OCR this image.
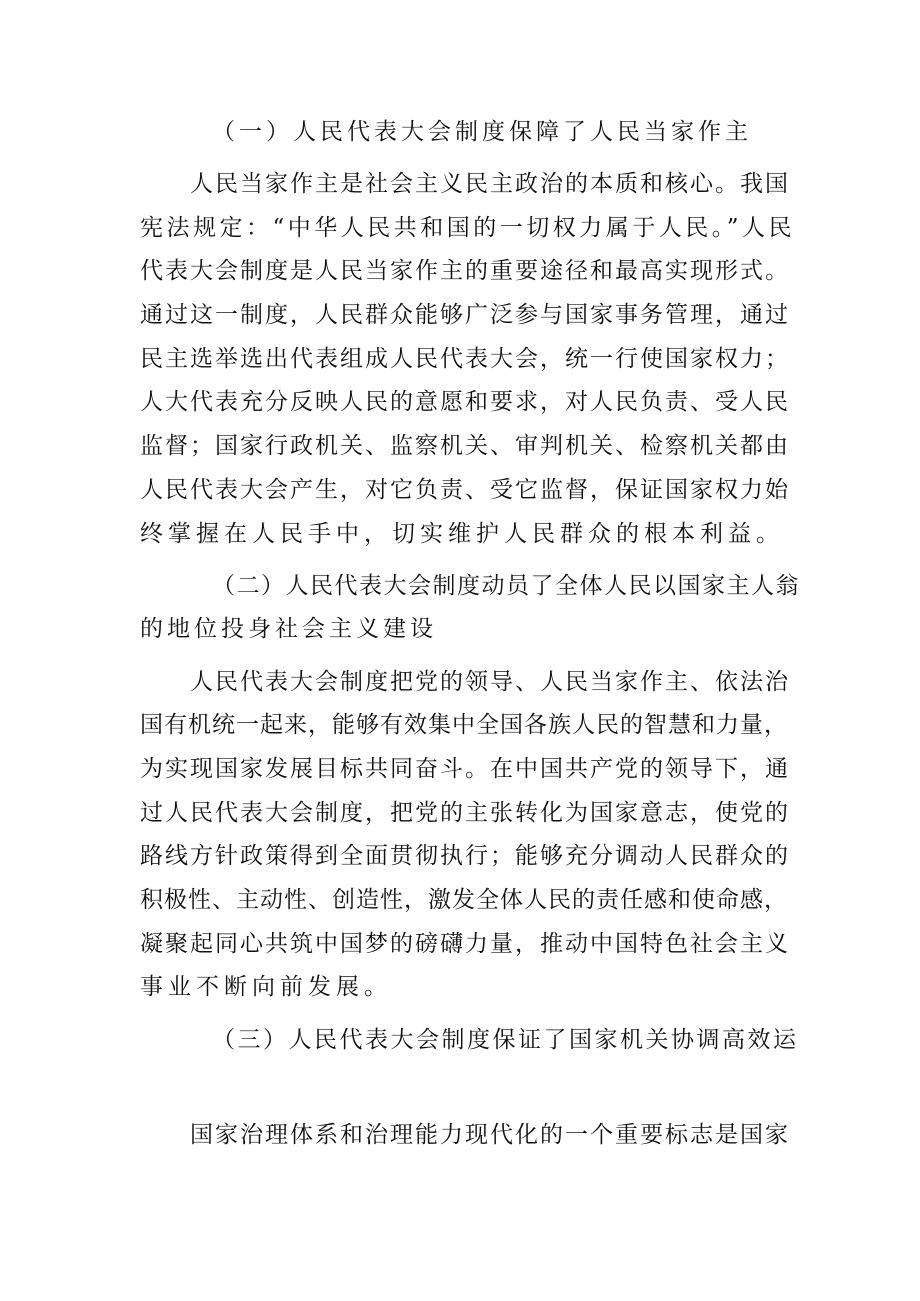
（一）人民代表大会制度保障了人民当家作主

人民当家作主是社会主义民主政治的本质和核心。我国

宪法规定：“中华人民共和国的一切权力属于人民。”人民

代表大会制度是人民当家作主的重要途径和最高实现形式。

通过这一制度，人民群众能够广泛参与国家事务管理，通过

民主选举选出代表组成人民代表大会，统一行使国家权力；

人大代表充分反映人民的意愿和要求，对人民负责、受人民

监督；国家行政机关、监察机关、审判机关、检察机关都由

人民代表大会产生，对它负责、受它监督，保证国家权力始

终掌握在人民手中，切实维护人民群众的根本利益。

（二）人民代表大会制度动员了全体人民以国家主人翁

的地位投身社会主义建设

人民代表大会制度把党的领导、人民当家作主、依法治

国有机统一起来，能够有效集中全国各族人民的智慧和力量，

为实现国家发展目标共同奋斗。在中国共产党的领导下，通

过人民代表大会制度，把党的主张转化为国家意志，使党的

路线方针政策得到全面贯彻执行；能够充分调动人民群众的

积极性、主动性、创造性，激发全体人民的责任感和使命感，

凝聚起同心共筑中国梦的磅礴力量，推动中国特色社会主义

事业不断向前发展。

（三）人民代表大会制度保证了国家机关协调高效运

国家治理体系和治理能力现代化的一个重要标志是国家
